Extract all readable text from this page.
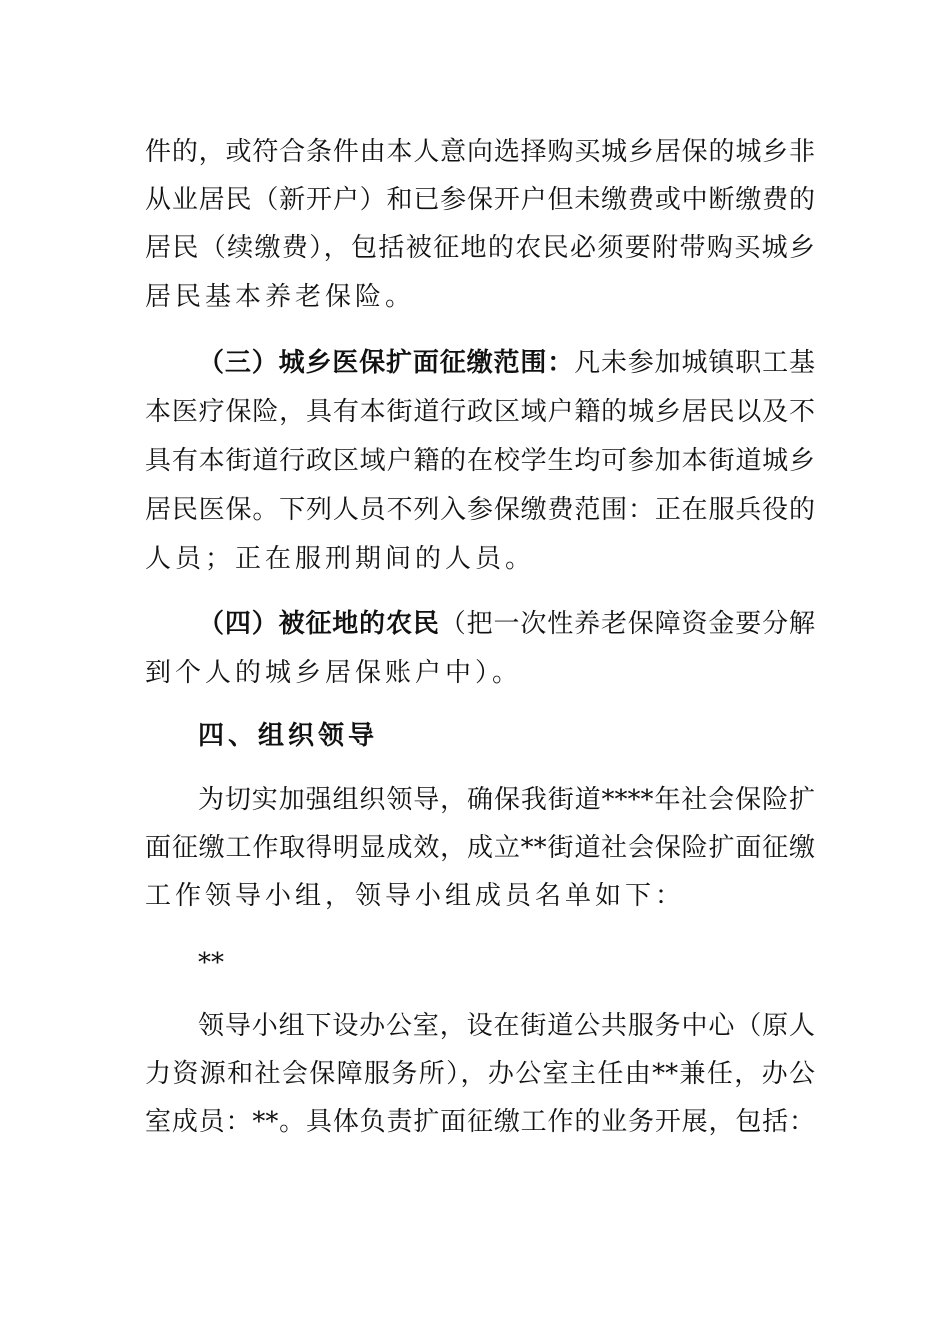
件的，或符合条件由本人意向选择购买城乡居保的城乡非
从业居民（新开户）和已参保开户但未缴费或中断缴费的
居民（续缴费），包括被征地的农民必须要附带购买城乡
居民基本养老保险。
（三）城乡医保扩面征缴范围：凡未参加城镇职工基
本医疗保险，具有本街道行政区域户籍的城乡居民以及不
具有本街道行政区域户籍的在校学生均可参加本街道城乡
居民医保。下列人员不列入参保缴费范围：正在服兵役的
人员；正在服刑期间的人员。
（四）被征地的农民（把一次性养老保障资金要分解
到个人的城乡居保账户中）。
四、组织领导
为切实加强组织领导，确保我街道****年社会保险扩
面征缴工作取得明显成效，成立**街道社会保险扩面征缴
工作领导小组，领导小组成员名单如下：
**
领导小组下设办公室，设在街道公共服务中心（原人
力资源和社会保障服务所），办公室主任由**兼任，办公
室成员：**。具体负责扩面征缴工作的业务开展，包括：
